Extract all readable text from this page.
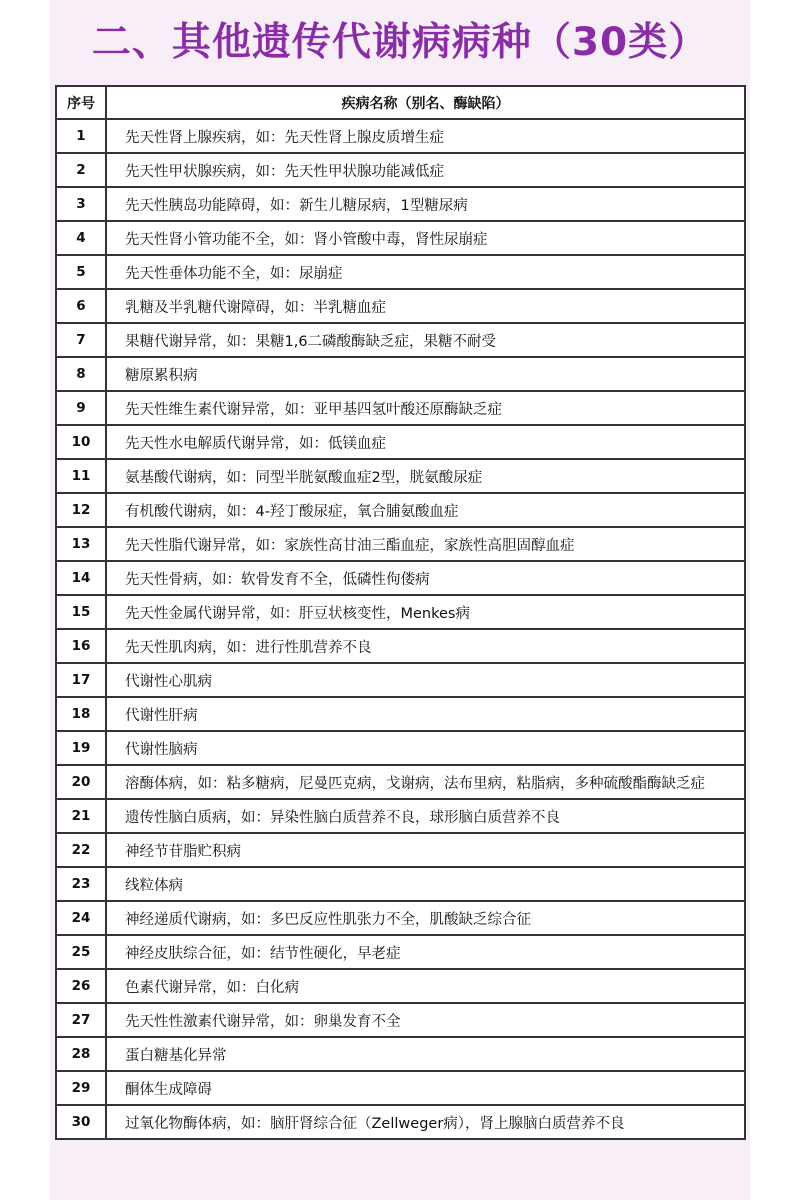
二、其他遗传代谢病病种（30类）
序号	疾病名称（别名、酶缺陷）
1	先天性肾上腺疾病，如：先天性肾上腺皮质增生症
2	先天性甲状腺疾病，如：先天性甲状腺功能减低症
3	先天性胰岛功能障碍，如：新生儿糖尿病，1型糖尿病
4	先天性肾小管功能不全，如：肾小管酸中毒，肾性尿崩症
5	先天性垂体功能不全，如：尿崩症
6	乳糖及半乳糖代谢障碍，如：半乳糖血症
7	果糖代谢异常，如：果糖1,6二磷酸酶缺乏症，果糖不耐受
8	糖原累积病
9	先天性维生素代谢异常，如：亚甲基四氢叶酸还原酶缺乏症
10	先天性水电解质代谢异常，如：低镁血症
11	氨基酸代谢病，如：同型半胱氨酸血症2型，胱氨酸尿症
12	有机酸代谢病，如：4-羟丁酸尿症，氧合脯氨酸血症
13	先天性脂代谢异常，如：家族性高甘油三酯血症，家族性高胆固醇血症
14	先天性骨病，如：软骨发育不全，低磷性佝偻病
15	先天性金属代谢异常，如：肝豆状核变性，Menkes病
16	先天性肌肉病，如：进行性肌营养不良
17	代谢性心肌病
18	代谢性肝病
19	代谢性脑病
20	溶酶体病，如：粘多糖病，尼曼匹克病，戈谢病，法布里病，粘脂病，多种硫酸酯酶缺乏症
21	遗传性脑白质病，如：异染性脑白质营养不良，球形脑白质营养不良
22	神经节苷脂贮积病
23	线粒体病
24	神经递质代谢病，如：多巴反应性肌张力不全，肌酸缺乏综合征
25	神经皮肤综合征，如：结节性硬化，早老症
26	色素代谢异常，如：白化病
27	先天性性激素代谢异常，如：卵巢发育不全
28	蛋白糖基化异常
29	酮体生成障碍
30	过氧化物酶体病，如：脑肝肾综合征（Zellweger病），肾上腺脑白质营养不良
